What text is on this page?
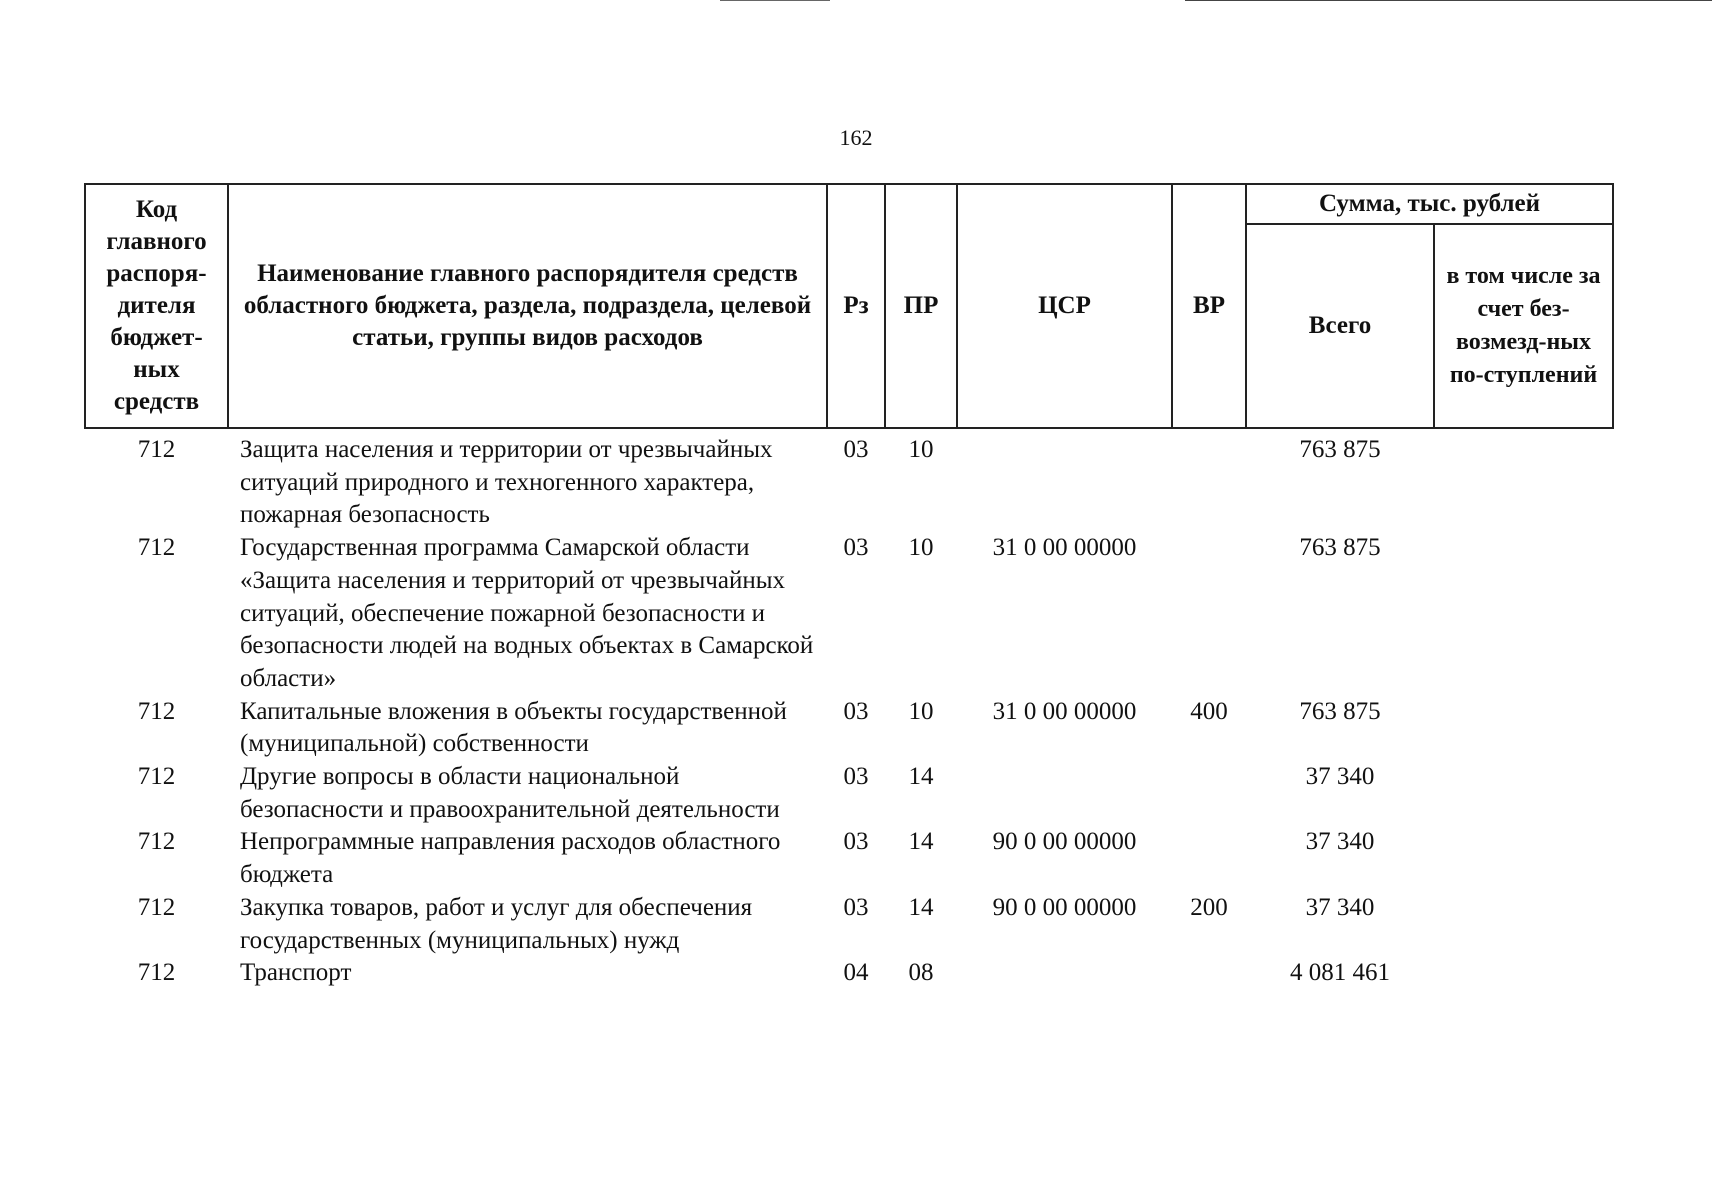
162
Код главного распоря-дителя бюджет-ных средств	Наименование главного распорядителя средств областного бюджета, раздела, подраздела, целевой статьи, группы видов расходов	Рз	ПР	ЦСР	ВР	Сумма, тыс. рублей	
						Всего	в том числе за счет без-возмезд-ных по-ступлений
712	Защита населения и территории от чрезвычайных ситуаций природного и техногенного характера, пожарная безопасность	03	10			763 875	
712	Государственная программа Самарской области «Защита населения и территорий от чрезвычайных ситуаций, обеспечение пожарной безопасности и безопасности людей на водных объектах в Самарской области»	03	10	31 0 00 00000		763 875	
712	Капитальные вложения в объекты государственной (муниципальной) собственности	03	10	31 0 00 00000	400	763 875	
712	Другие вопросы в области национальной безопасности и правоохранительной деятельности	03	14			37 340	
712	Непрограммные направления расходов областного бюджета	03	14	90 0 00 00000		37 340	
712	Закупка товаров, работ и услуг для обеспечения государственных (муниципальных) нужд	03	14	90 0 00 00000	200	37 340	
712	Транспорт	04	08			4 081 461	
